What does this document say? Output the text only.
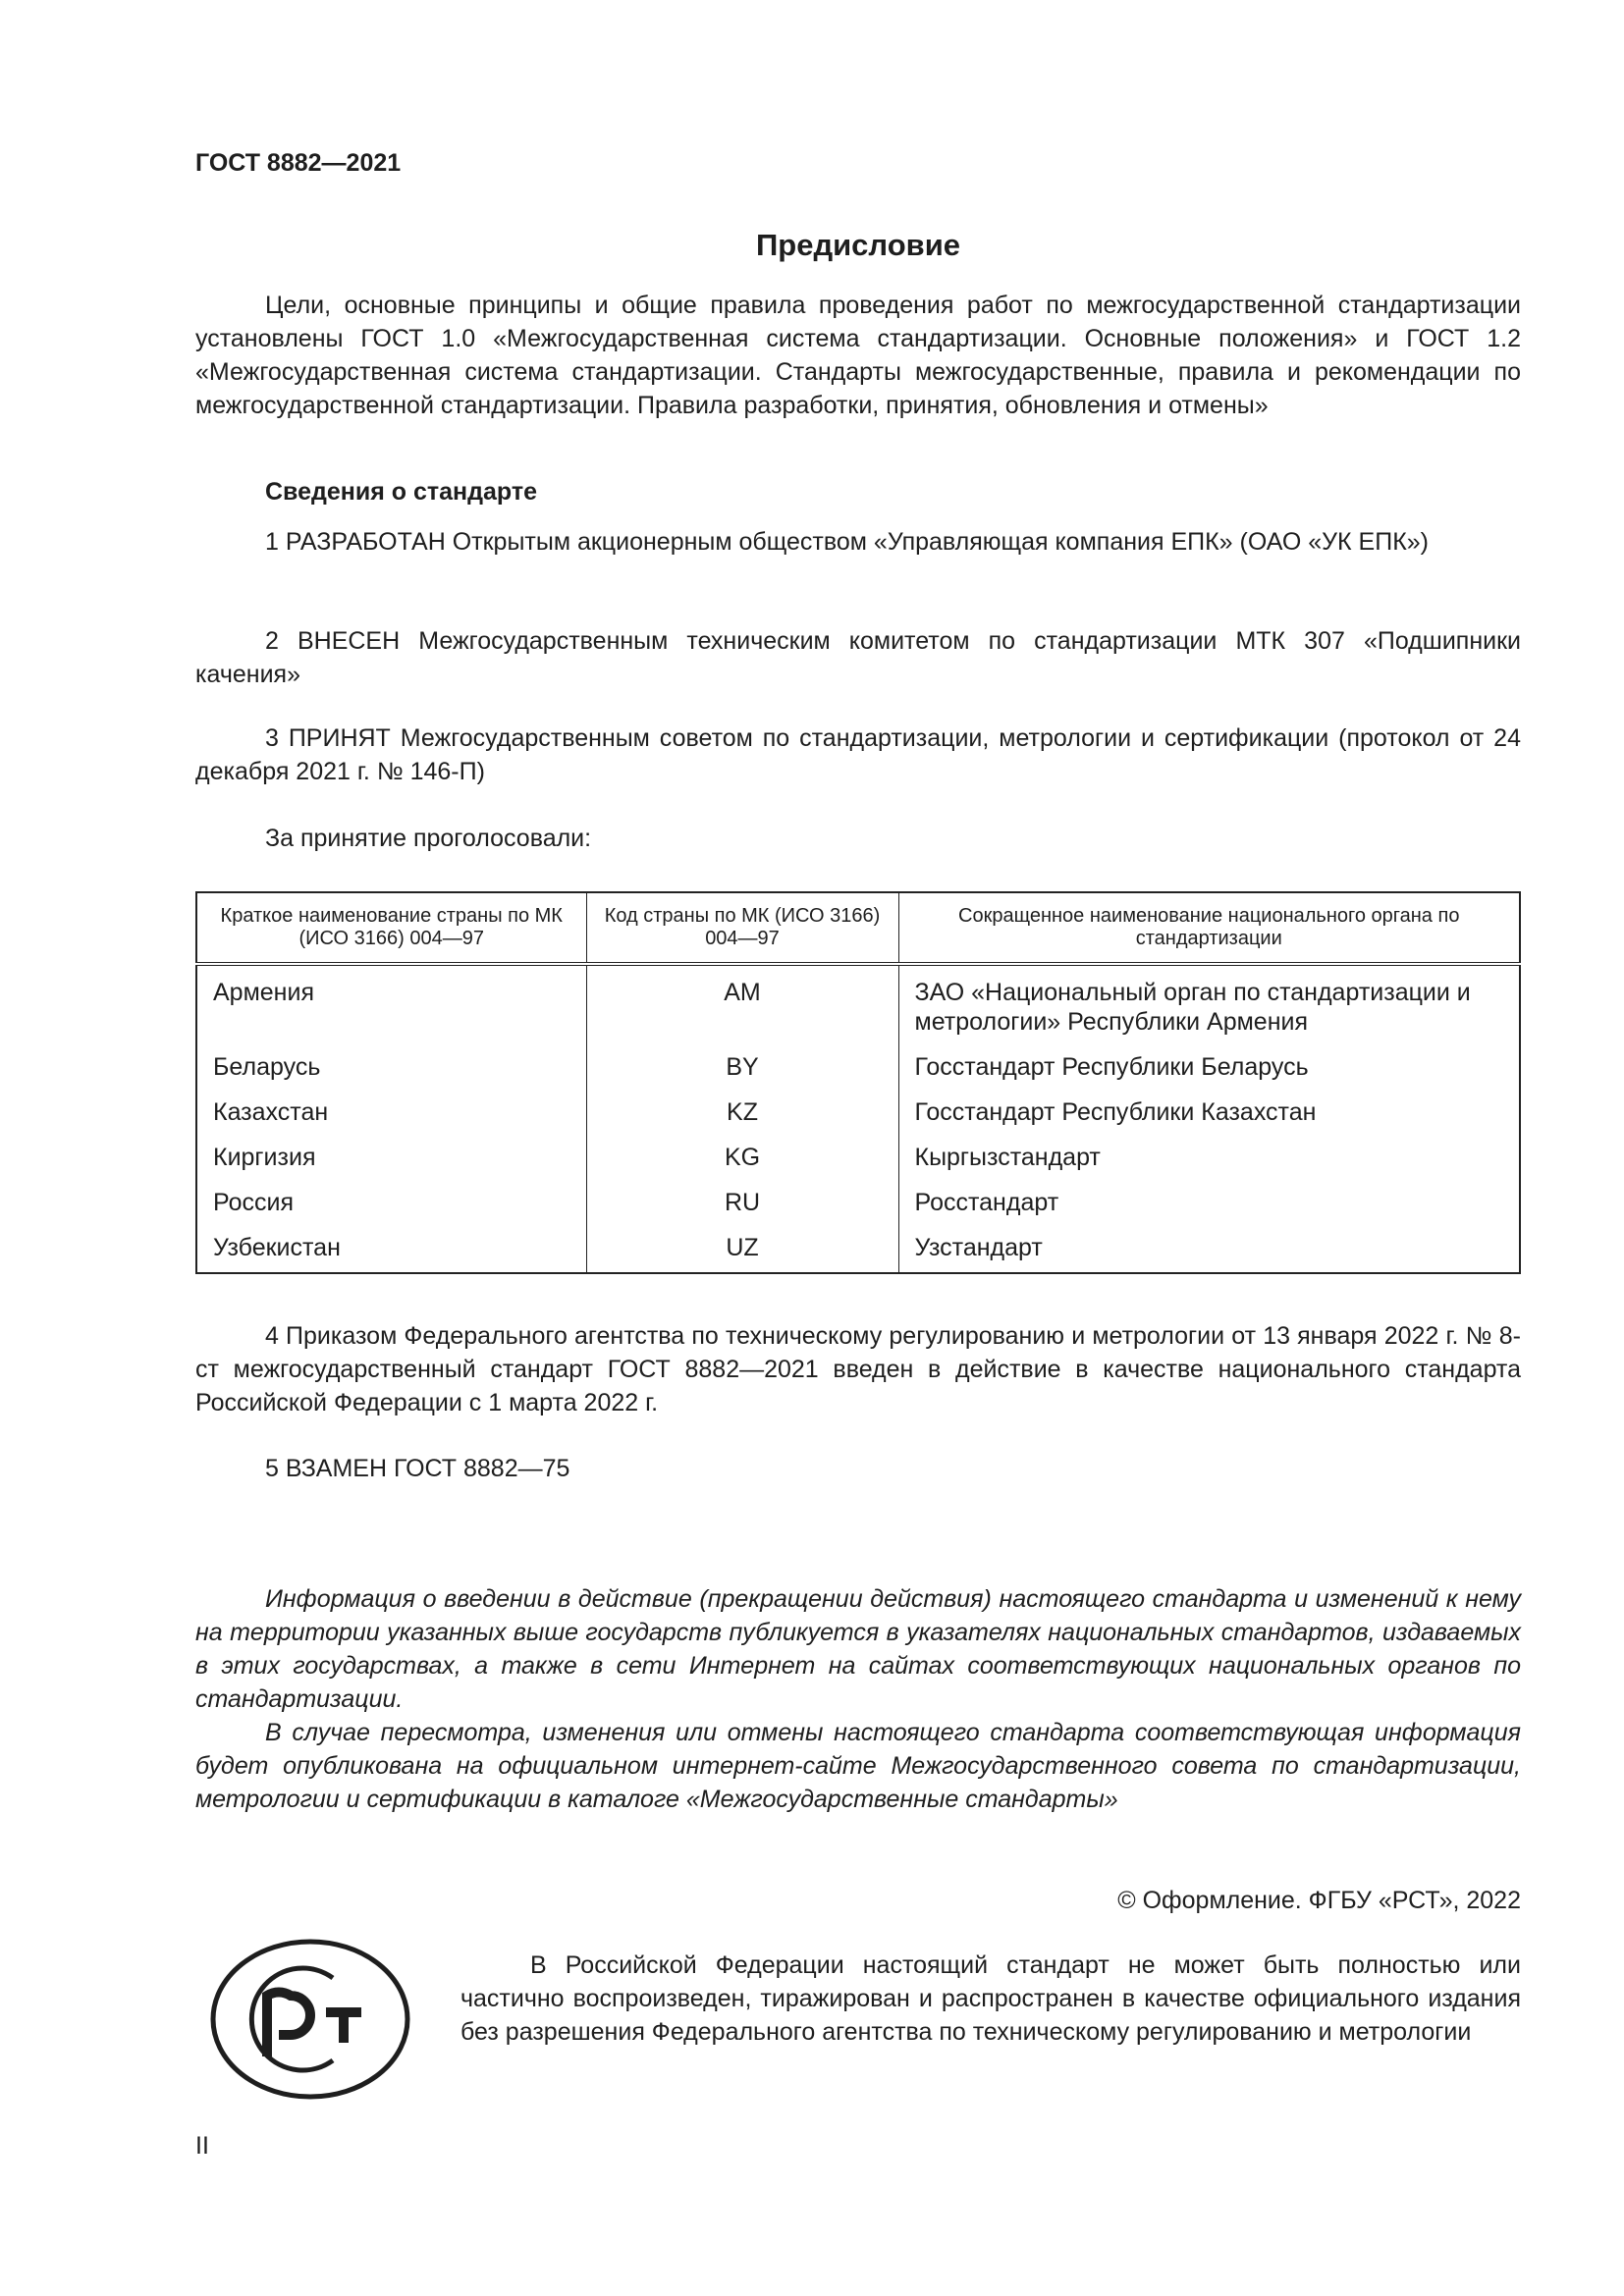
ГОСТ 8882—2021
Предисловие
Цели, основные принципы и общие правила проведения работ по межгосударственной стандартизации установлены ГОСТ 1.0 «Межгосударственная система стандартизации. Основные положения» и ГОСТ 1.2 «Межгосударственная система стандартизации. Стандарты межгосударственные, правила и рекомендации по межгосударственной стандартизации. Правила разработки, принятия, обновления и отмены»
Сведения о стандарте
1 РАЗРАБОТАН Открытым акционерным обществом «Управляющая компания ЕПК» (ОАО «УК ЕПК»)
2 ВНЕСЕН Межгосударственным техническим комитетом по стандартизации МТК 307 «Подшипники качения»
3 ПРИНЯТ Межгосударственным советом по стандартизации, метрологии и сертификации (протокол от 24 декабря 2021 г. № 146-П)
За принятие проголосовали:
Краткое наименование страны по МК (ИСО 3166) 004—97	Код страны по МК (ИСО 3166) 004—97	Сокращенное наименование национального органа по стандартизации
Армения	AM	ЗАО «Национальный орган по стандартизации и метрологии» Республики Армения
Беларусь	BY	Госстандарт Республики Беларусь
Казахстан	KZ	Госстандарт Республики Казахстан
Киргизия	KG	Кыргызстандарт
Россия	RU	Росстандарт
Узбекистан	UZ	Узстандарт
4 Приказом Федерального агентства по техническому регулированию и метрологии от 13 января 2022 г. № 8-ст межгосударственный стандарт ГОСТ 8882—2021 введен в действие в качестве национального стандарта Российской Федерации с 1 марта 2022 г.
5 ВЗАМЕН ГОСТ 8882—75
Информация о введении в действие (прекращении действия) настоящего стандарта и изменений к нему на территории указанных выше государств публикуется в указателях национальных стандартов, издаваемых в этих государствах, а также в сети Интернет на сайтах соответствующих национальных органов по стандартизации.
В случае пересмотра, изменения или отмены настоящего стандарта соответствующая информация будет опубликована на официальном интернет-сайте Межгосударственного совета по стандартизации, метрологии и сертификации в каталоге «Межгосударственные стандарты»
© Оформление. ФГБУ «РСТ», 2022
В Российской Федерации настоящий стандарт не может быть полностью или частично воспроизведен, тиражирован и распространен в качестве официального издания без разрешения Федерального агентства по техническому регулированию и метрологии
II
